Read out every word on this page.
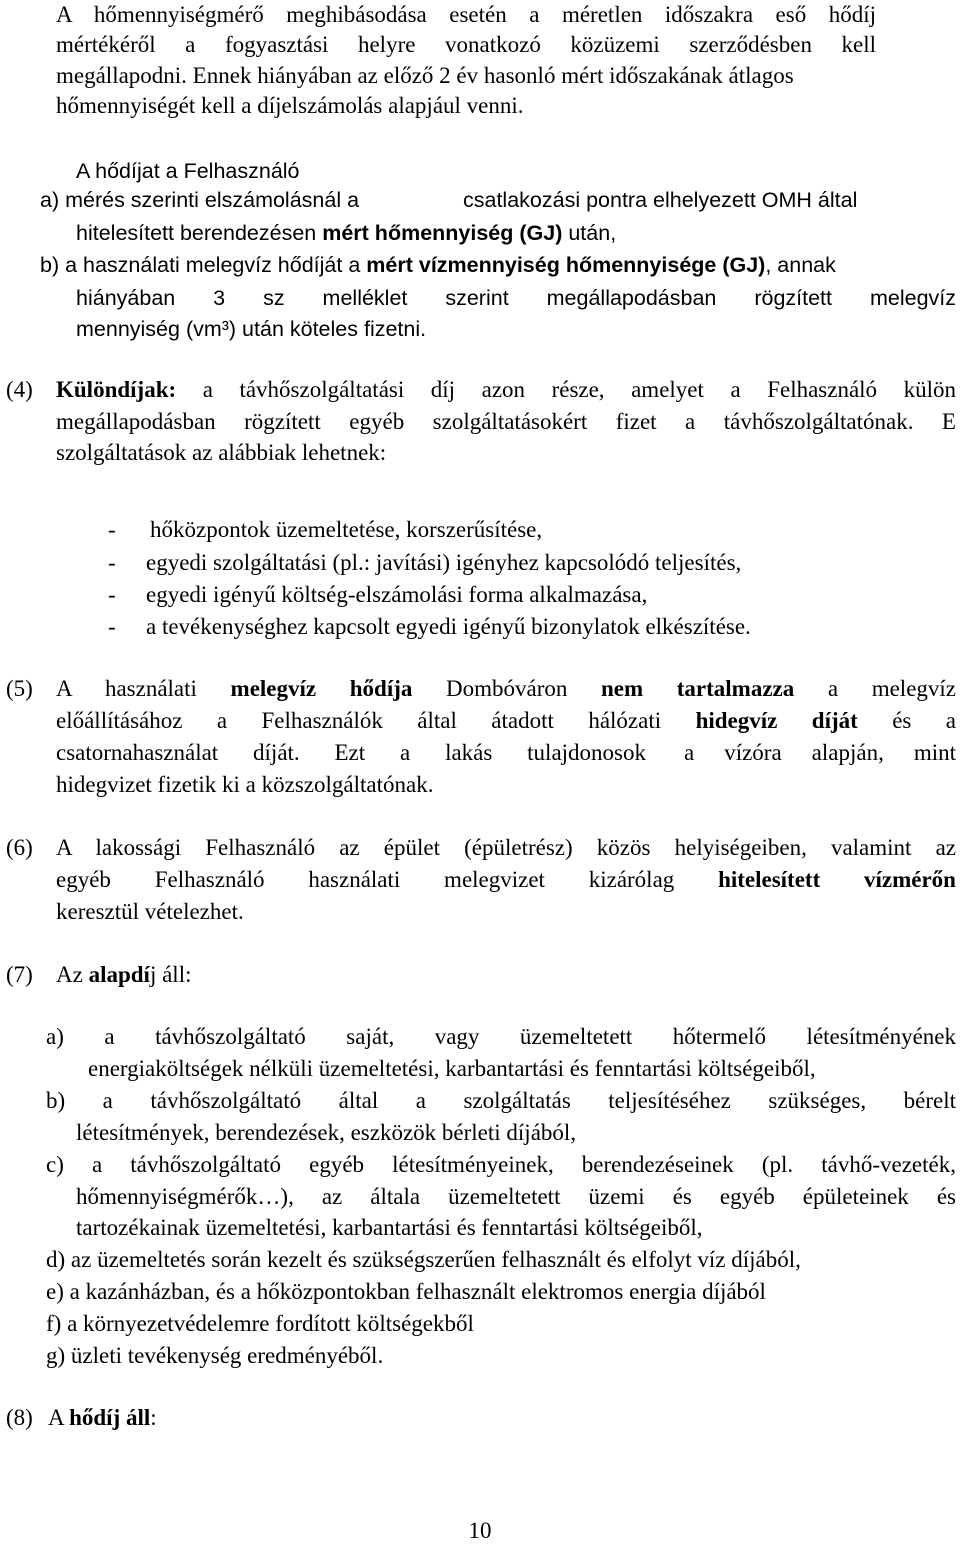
A hőmennyiségmérő meghibásodása esetén a méretlen időszakra eső hődíj
mértékéről a fogyasztási helyre vonatkozó közüzemi szerződésben kell
megállapodni. Ennek hiányában az előző 2 év hasonló mért időszakának átlagos
hőmennyiségét kell a díjelszámolás alapjául venni.
A hődíjat a Felhasználó
a) mérés szerinti elszámolásnál a	csatlakozási pontra elhelyezett OMH által
hitelesített berendezésen mért hőmennyiség (GJ) után,
b) a használati melegvíz hődíját a mért vízmennyiség hőmennyisége (GJ), annak
hiányában 3 sz melléklet szerint megállapodásban rögzített melegvíz
mennyiség (vm³) után köteles fizetni.
(4) Különdíjak: a távhőszolgáltatási díj azon része, amelyet a Felhasználó külön
megállapodásban rögzített egyéb szolgáltatásokért fizet a távhőszolgáltatónak. E
szolgáltatások az alábbiak lehetnek:
- hőközpontok üzemeltetése, korszerűsítése,
- egyedi szolgáltatási (pl.: javítási) igényhez kapcsolódó teljesítés,
- egyedi igényű költség-elszámolási forma alkalmazása,
- a tevékenységhez kapcsolt egyedi igényű bizonylatok elkészítése.
(5) A használati melegvíz hődíja Dombóváron nem tartalmazza a melegvíz
előállításához a Felhasználók által átadott hálózati hidegvíz díját és a
csatornahasználat díját. Ezt a lakás tulajdonosok a vízóra alapján, mint
hidegvizet fizetik ki a közszolgáltatónak.
(6) A lakossági Felhasználó az épület (épületrész) közös helyiségeiben, valamint az
egyéb Felhasználó használati melegvizet kizárólag hitelesített vízmérőn
keresztül vételezhet.
(7) Az alapdíj áll:
a) a távhőszolgáltató saját, vagy üzemeltetett hőtermelő létesítményének
energiaköltségek nélküli üzemeltetési, karbantartási és fenntartási költségeiből,
b) a távhőszolgáltató által a szolgáltatás teljesítéséhez szükséges, bérelt
létesítmények, berendezések, eszközök bérleti díjából,
c) a távhőszolgáltató egyéb létesítményeinek, berendezéseinek (pl. távhő-vezeték,
hőmennyiségmérők…), az általa üzemeltetett üzemi és egyéb épületeinek és
tartozékainak üzemeltetési, karbantartási és fenntartási költségeiből,
d) az üzemeltetés során kezelt és szükségszerűen felhasznált és elfolyt víz díjából,
e) a kazánházban, és a hőközpontokban felhasznált elektromos energia díjából
f) a környezetvédelemre fordított költségekből
g) üzleti tevékenység eredményéből.
(8) A hődíj áll:
10
